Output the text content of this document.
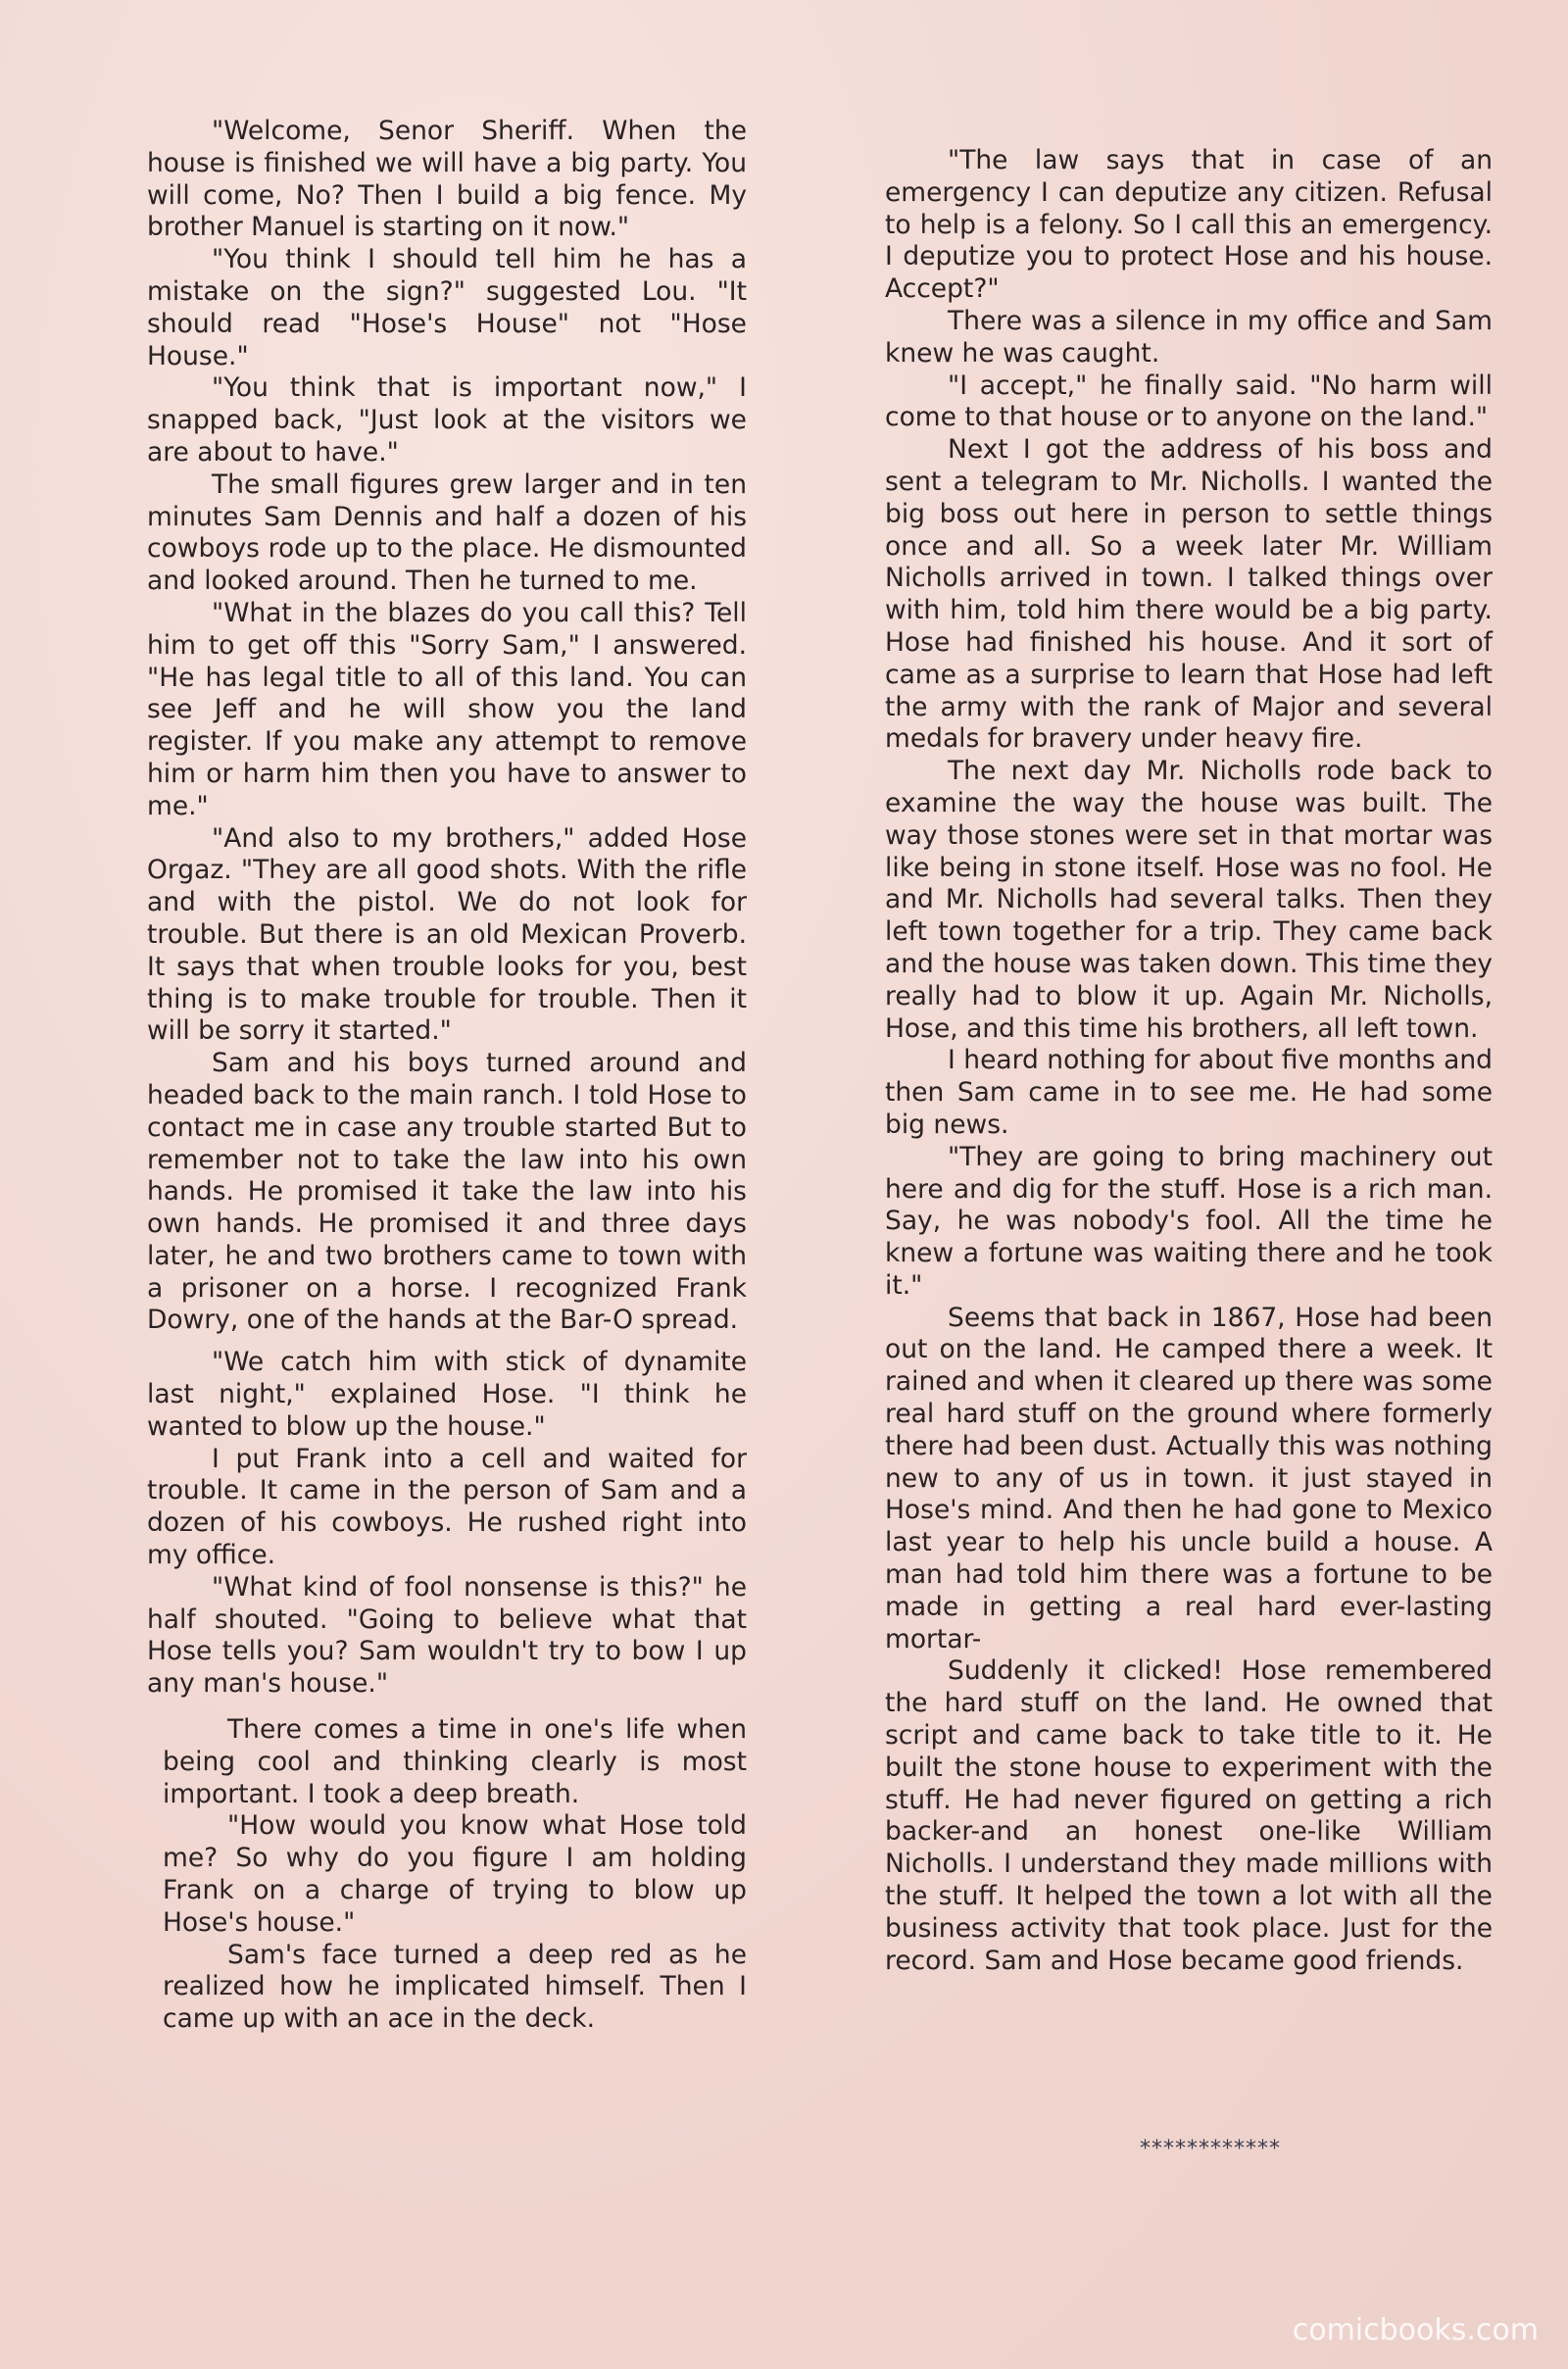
"Welcome, Senor Sheriff. When the house is finished we will have a big party. You will come, No? Then I build a big fence. My brother Manuel is starting on it now."

"You think I should tell him he has a mistake on the sign?" suggested Lou. "It should read "Hose's House" not "Hose House."

"You think that is important now," I snapped back, "Just look at the visitors we are about to have."

The small figures grew larger and in ten minutes Sam Dennis and half a dozen of his cowboys rode up to the place. He dismounted and looked around. Then he turned to me.

"What in the blazes do you call this? Tell him to get off this "Sorry Sam," I answered. "He has legal title to all of this land. You can see Jeff and he will show you the land register. If you make any attempt to remove him or harm him then you have to answer to me."

"And also to my brothers," added Hose Orgaz. "They are all good shots. With the rifle and with the pistol. We do not look for trouble. But there is an old Mexican Proverb. It says that when trouble looks for you, best thing is to make trouble for trouble. Then it will be sorry it started."

Sam and his boys turned around and headed back to the main ranch. I told Hose to contact me in case any trouble started But to remember not to take the law into his own hands. He promised it take the law into his own hands. He promised it and three days later, he and two brothers came to town with a prisoner on a horse. I recognized Frank Dowry, one of the hands at the Bar-O spread.

"We catch him with stick of dynamite last night," explained Hose. "I think he wanted to blow up the house."

I put Frank into a cell and waited for trouble. It came in the person of Sam and a dozen of his cowboys. He rushed right into my office.

"What kind of fool nonsense is this?" he half shouted. "Going to believe what that Hose tells you? Sam wouldn't try to bow I up any man's house."

There comes a time in one's life when being cool and thinking clearly is most important. I took a deep breath.

"How would you know what Hose told me? So why do you figure I am holding Frank on a charge of trying to blow up Hose's house."

Sam's face turned a deep red as he realized how he implicated himself. Then I came up with an ace in the deck.

"The law says that in case of an emergency I can deputize any citizen. Refusal to help is a felony. So I call this an emergency. I deputize you to protect Hose and his house. Accept?"

There was a silence in my office and Sam knew he was caught.

"I accept," he finally said. "No harm will come to that house or to anyone on the land."

Next I got the address of his boss and sent a telegram to Mr. Nicholls. I wanted the big boss out here in person to settle things once and all. So a week later Mr. William Nicholls arrived in town. I talked things over with him, told him there would be a big party. Hose had finished his house. And it sort of came as a surprise to learn that Hose had left the army with the rank of Major and several medals for bravery under heavy fire.

The next day Mr. Nicholls rode back to examine the way the house was built. The way those stones were set in that mortar was like being in stone itself. Hose was no fool. He and Mr. Nicholls had several talks. Then they left town together for a trip. They came back and the house was taken down. This time they really had to blow it up. Again Mr. Nicholls, Hose, and this time his brothers, all left town.

I heard nothing for about five months and then Sam came in to see me. He had some big news.

"They are going to bring machinery out here and dig for the stuff. Hose is a rich man. Say, he was nobody's fool. All the time he knew a fortune was waiting there and he took it."

Seems that back in 1867, Hose had been out on the land. He camped there a week. It rained and when it cleared up there was some real hard stuff on the ground where formerly there had been dust. Actually this was nothing new to any of us in town. it just stayed in Hose's mind. And then he had gone to Mexico last year to help his uncle build a house. A man had told him there was a fortune to be made in getting a real hard ever-lasting mortar-

Suddenly it clicked! Hose remembered the hard stuff on the land. He owned that script and came back to take title to it. He built the stone house to experiment with the stuff. He had never figured on getting a rich backer-and an honest one-like William Nicholls. I understand they made millions with the stuff. It helped the town a lot with all the business activity that took place. Just for the record. Sam and Hose became good friends.

************
comicbooks.com
